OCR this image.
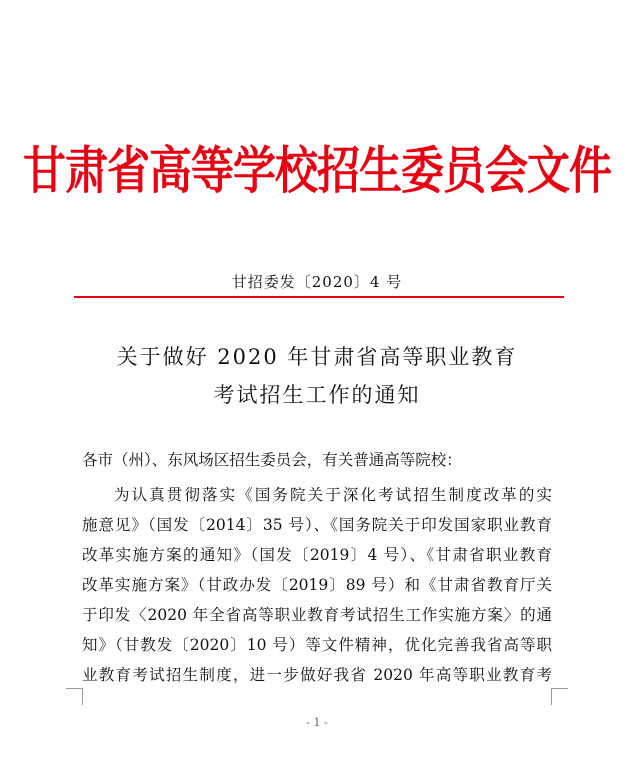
甘肃省高等学校招生委员会文件
甘招委发〔2020〕4 号
关于做好 2020 年甘肃省高等职业教育
考试招生工作的通知
各市（州）、东风场区招生委员会，有关普通高等院校：
为认真贯彻落实《国务院关于深化考试招生制度改革的实
施意见》（国发〔2014〕35 号）、《国务院关于印发国家职业教育
改革实施方案的通知》（国发〔2019〕4 号）、《甘肃省职业教育
改革实施方案》（甘政办发〔2019〕89 号）和《甘肃省教育厅关
于印发〈2020 年全省高等职业教育考试招生工作实施方案〉的通
知》（甘教发〔2020〕10 号）等文件精神，优化完善我省高等职
业教育考试招生制度，进一步做好我省 2020 年高等职业教育考
- 1 -
